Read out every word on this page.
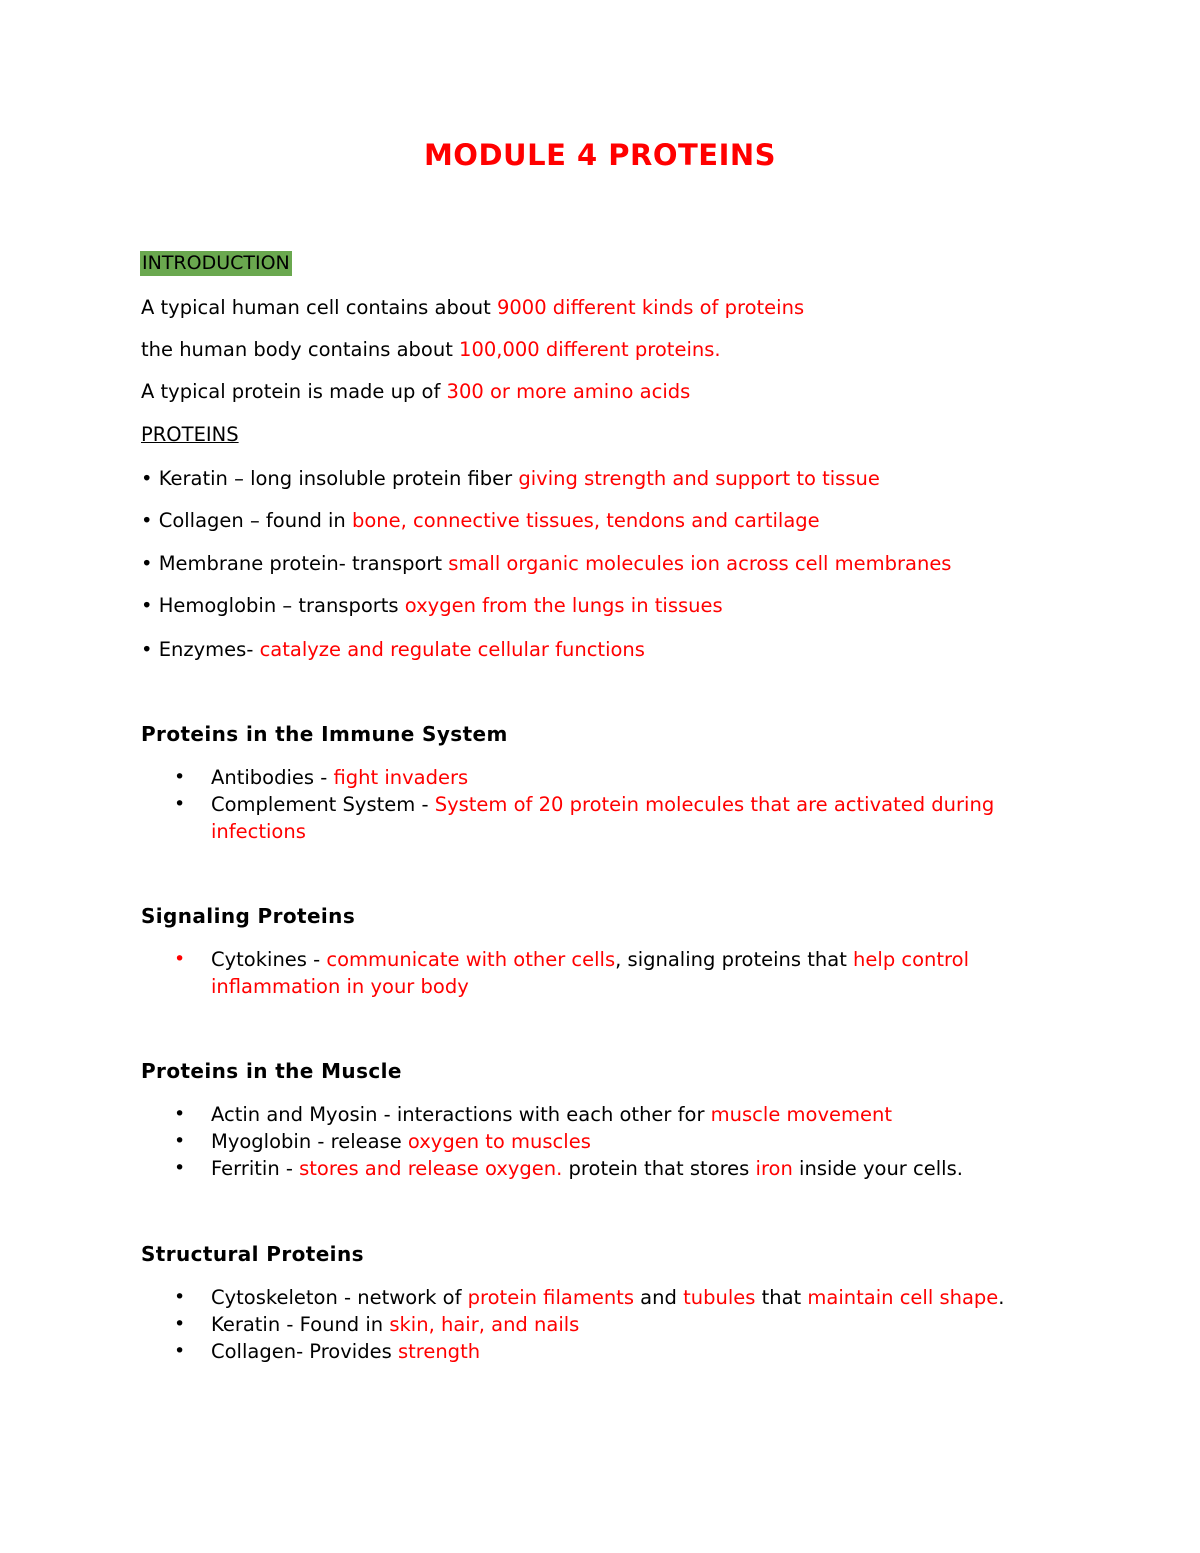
MODULE 4 PROTEINS
INTRODUCTION
A typical human cell contains about 9000 different kinds of proteins
the human body contains about 100,000 different proteins.
A typical protein is made up of 300 or more amino acids
PROTEINS
• Keratin – long insoluble protein fiber giving strength and support to tissue
• Collagen – found in bone, connective tissues, tendons and cartilage
• Membrane protein- transport small organic molecules ion across cell membranes
• Hemoglobin – transports oxygen from the lungs in tissues
• Enzymes- catalyze and regulate cellular functions
Proteins in the Immune System
• Antibodies - fight invaders
• Complement System - System of 20 protein molecules that are activated during infections
Signaling Proteins
• Cytokines - communicate with other cells, signaling proteins that help control inflammation in your body
Proteins in the Muscle
• Actin and Myosin - interactions with each other for muscle movement
• Myoglobin - release oxygen to muscles
• Ferritin - stores and release oxygen. protein that stores iron inside your cells.
Structural Proteins
• Cytoskeleton - network of protein filaments and tubules that maintain cell shape.
• Keratin - Found in skin, hair, and nails
• Collagen- Provides strength
